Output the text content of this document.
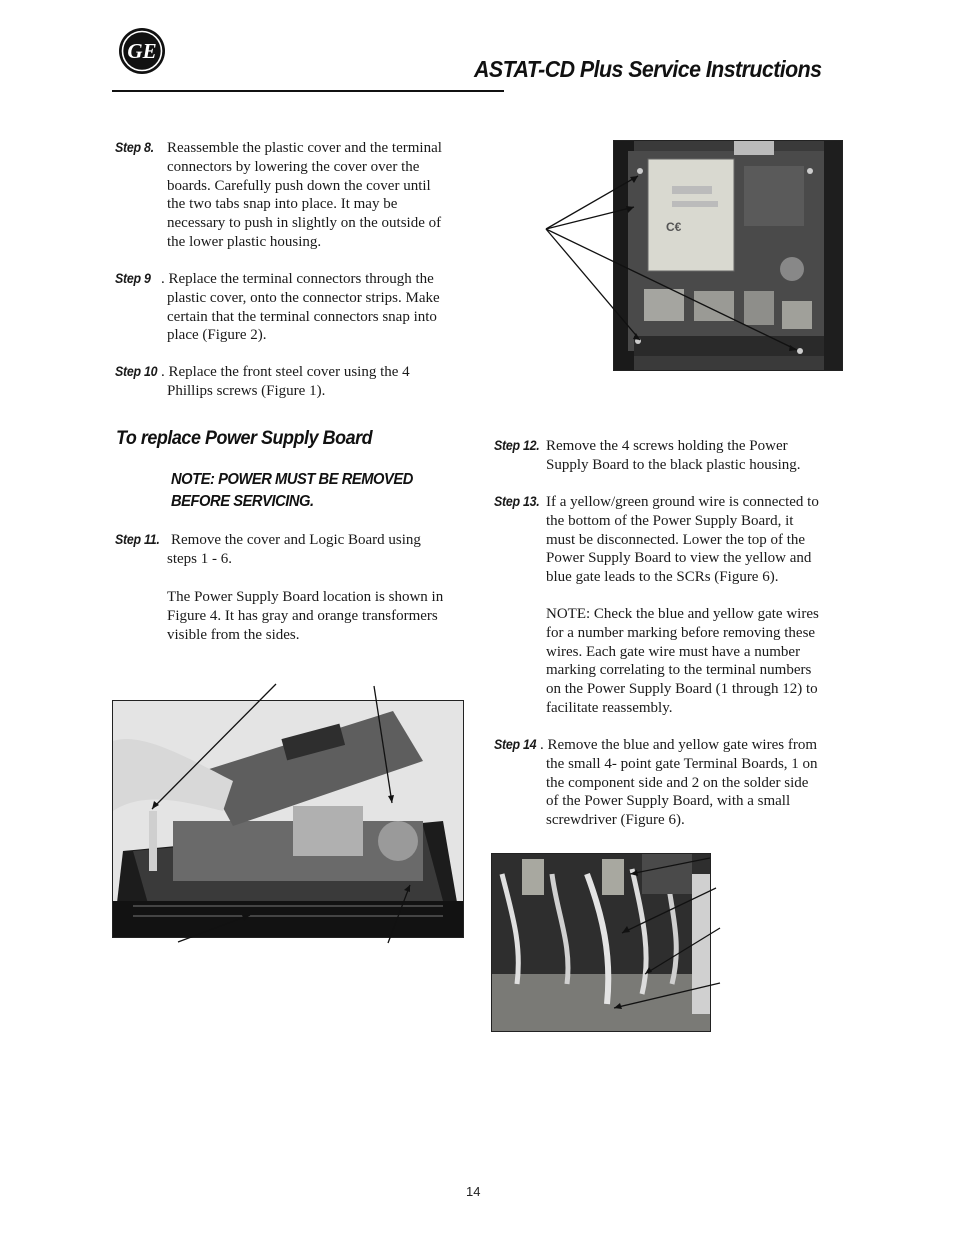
GE
ASTAT-CD Plus Service Instructions
Step 8. Reassemble the plastic cover and the terminal
connectors by lowering the cover over the
boards. Carefully push down the cover until
the two tabs snap into place. It may be
necessary to push in slightly on the outside of
the lower plastic housing.
Step 9 . Replace the terminal connectors through the
plastic cover, onto the connector strips. Make
certain that the terminal connectors snap into
place (Figure 2).
Step 10 . Replace the front steel cover using the 4
Phillips screws (Figure 1).
To replace Power Supply Board
NOTE: POWER MUST BE REMOVED
BEFORE SERVICING.
Step 11. Remove the cover and Logic Board using
steps 1 - 6.
The Power Supply Board location is shown in
Figure 4. It has gray and orange transformers
visible from the sides.
C€
Step 12. Remove the 4 screws holding the Power
Supply Board to the black plastic housing.
Step 13. If a yellow/green ground wire is connected to
the bottom of the Power Supply Board, it
must be disconnected. Lower the top of the
Power Supply Board to view the yellow and
blue gate leads to the SCRs (Figure 6).
NOTE: Check the blue and yellow gate wires
for a number marking before removing these
wires. Each gate wire must have a number
marking correlating to the terminal numbers
on the Power Supply Board (1 through 12) to
facilitate reassembly.
Step 14 . Remove the blue and yellow gate wires from
the small 4- point gate Terminal Boards, 1 on
the component side and 2 on the solder side
of the Power Supply Board, with a small
screwdriver (Figure 6).
14
